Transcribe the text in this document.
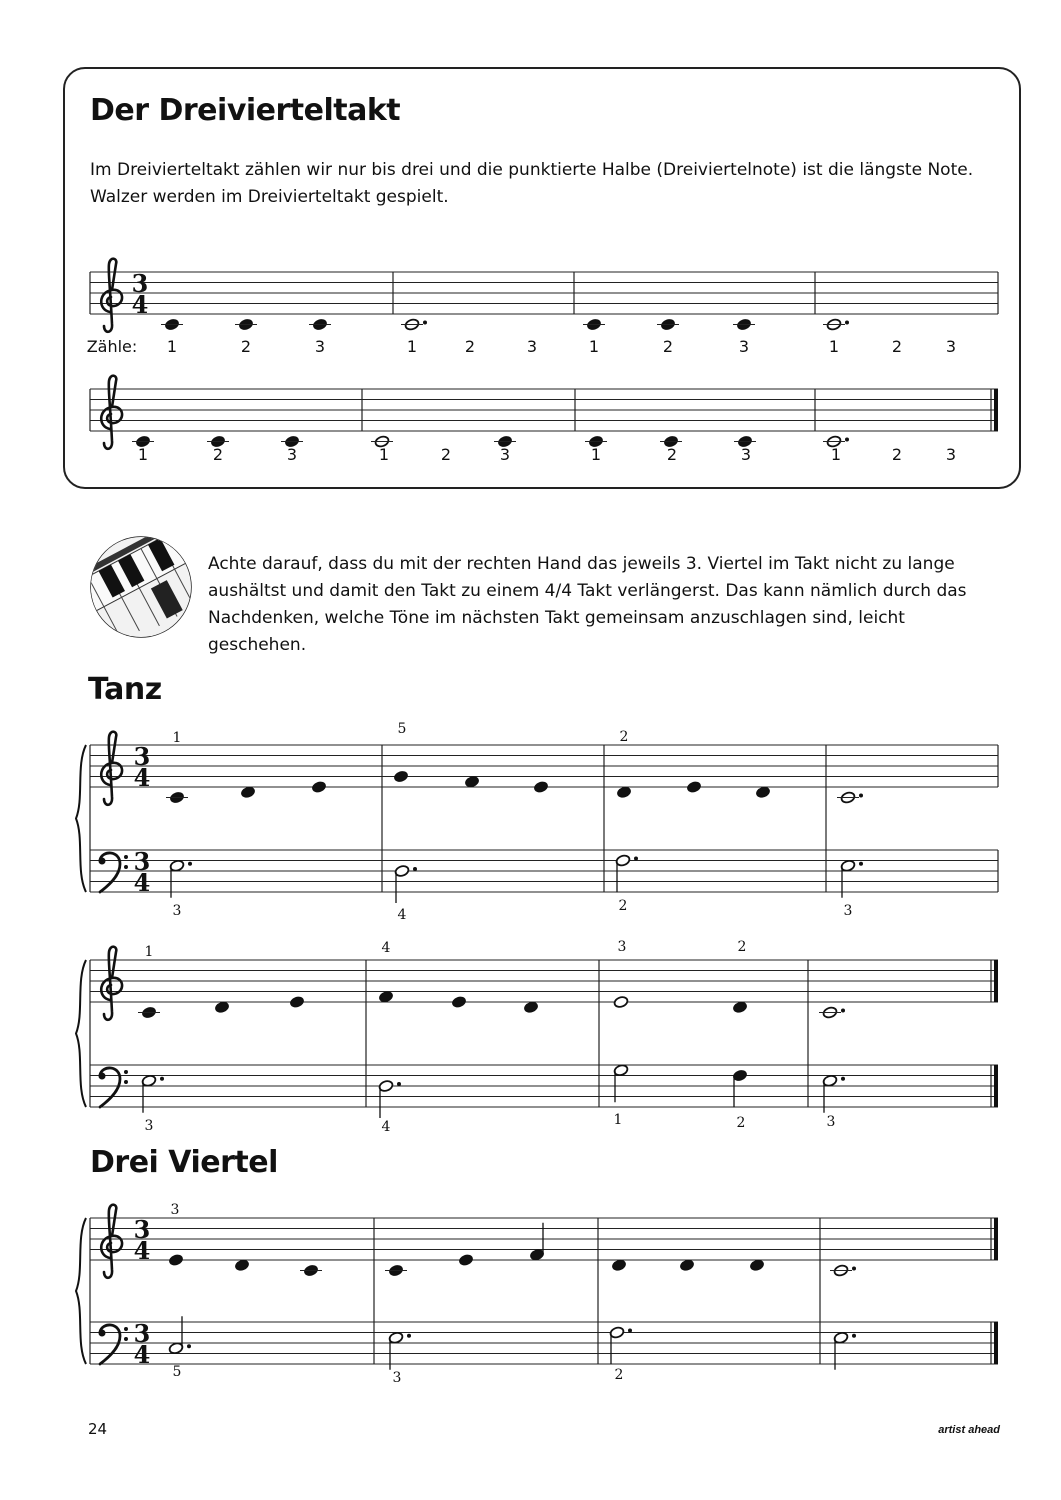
Der Dreivierteltakt

Im Dreivierteltakt zählen wir nur bis drei und die punktierte Halbe (Dreiviertelnote) ist die längste Note. Walzer werden im Dreivierteltakt gespielt.

Achte darauf, dass du mit der rechten Hand das jeweils 3. Viertel im Takt nicht zu lange aushältst und damit den Takt zu einem 4/4 Takt verlängerst. Das kann nämlich durch das Nachdenken, welche Töne im nächsten Takt gemeinsam anzuschlagen sind, leicht geschehen.

Tanz
Drei Viertel
3
4
Zähle: 1	2	3	1	2	3	1	2	3	1	2	3
1	2	3	1	2	3	1	2	3	1	2	3
3
4
3
4
1
5	2
3	4
2	3
1	4	3	2
3	4	1	2	3
3
4
3
4
3
5	3	2
24	artist ahead
